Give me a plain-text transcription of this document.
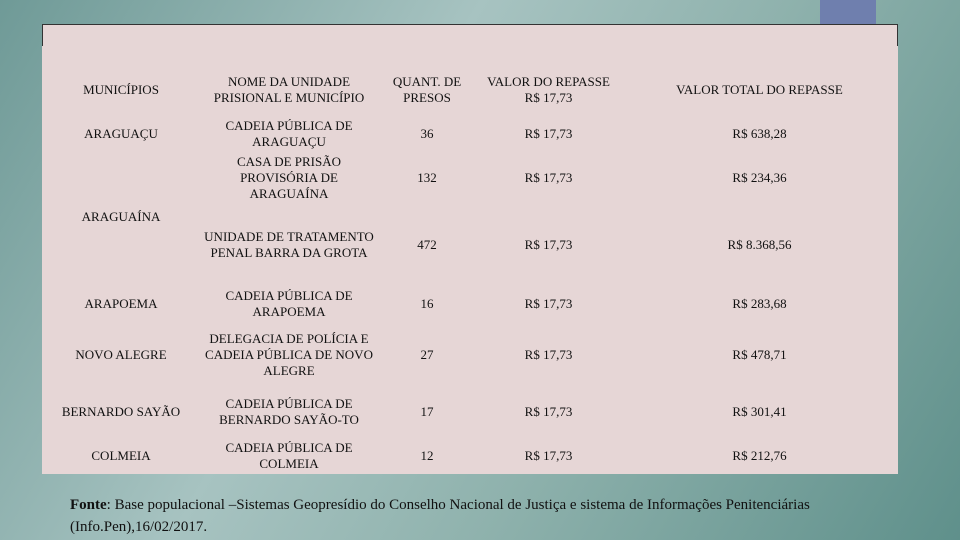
MUNICÍPIOS	NOME DA UNIDADE PRISIONAL E MUNICÍPIO	QUANT. DE PRESOS	VALOR DO REPASSE R$ 17,73	VALOR TOTAL DO REPASSE
ARAGUAÇU	CADEIA PÚBLICA DE ARAGUAÇU	36	R$ 17,73	R$ 638,28
ARAGUAÍNA	CASA DE PRISÃO PROVISÓRIA DE ARAGUAÍNA	132	R$ 17,73	R$ 234,36
	UNIDADE DE TRATAMENTO PENAL BARRA DA GROTA	472	R$ 17,73	R$ 8.368,56
ARAPOEMA	CADEIA PÚBLICA DE ARAPOEMA	16	R$ 17,73	R$ 283,68
NOVO ALEGRE	DELEGACIA DE POLÍCIA E CADEIA PÚBLICA DE NOVO ALEGRE	27	R$ 17,73	R$ 478,71
BERNARDO SAYÃO	CADEIA PÚBLICA DE BERNARDO SAYÃO-TO	17	R$ 17,73	R$ 301,41
COLMEIA	CADEIA PÚBLICA DE COLMEIA	12	R$ 17,73	R$ 212,76
Fonte: Base populacional –Sistemas Geopresídio do Conselho Nacional de Justiça e sistema de Informações Penitenciárias (Info.Pen),16/02/2017.
